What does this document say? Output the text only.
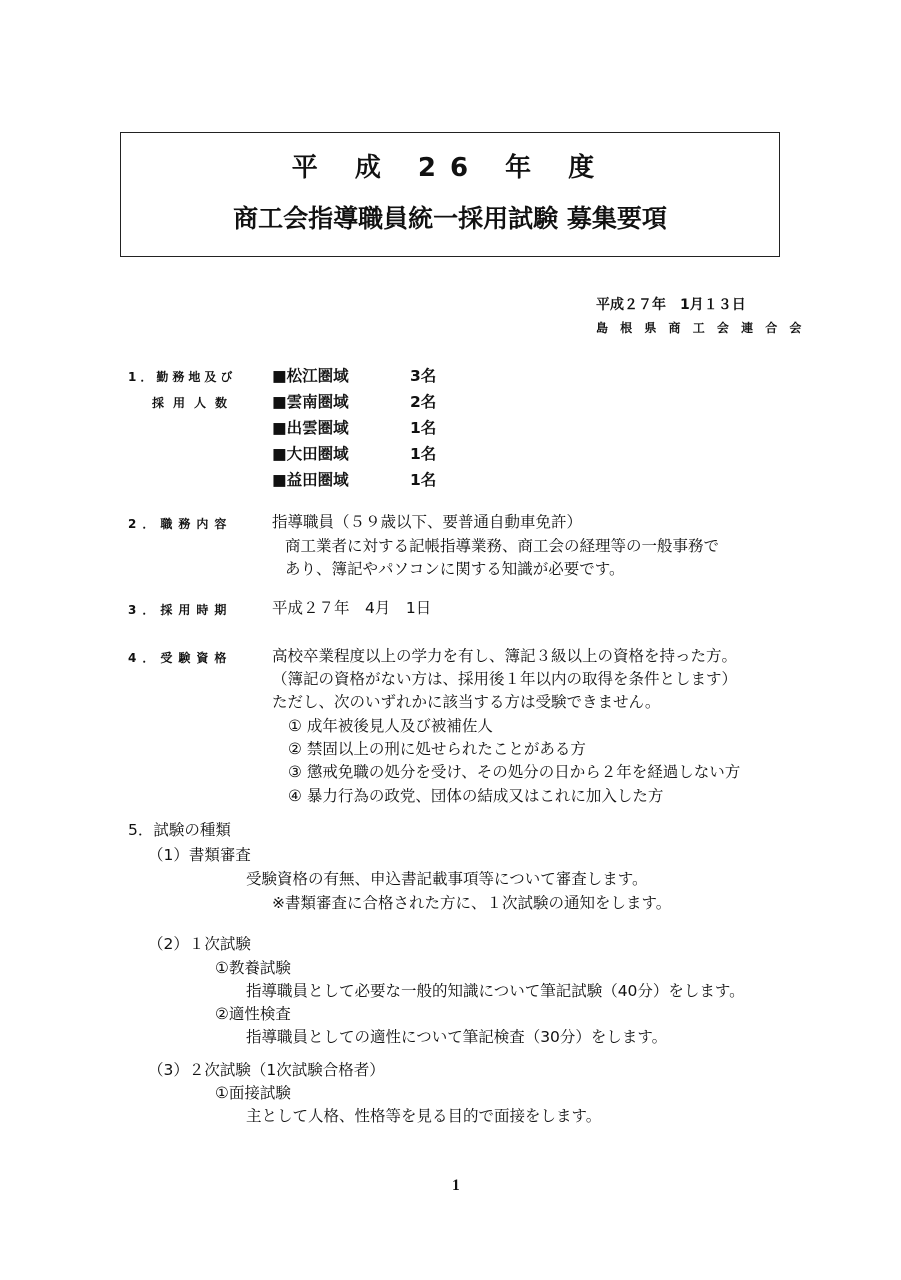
平 成 26 年 度
商工会指導職員統一採用試験 募集要項
平成２７年　1月１３日
島 根 県 商 工 会 連 合 会
1．勤務地及び
採用人数
■松江圏域	3名
■雲南圏域	2名
■出雲圏域	1名
■大田圏域	1名
■益田圏域	1名
2．職務内容	指導職員（５９歳以下、要普通自動車免許）
商工業者に対する記帳指導業務、商工会の経理等の一般事務で
あり、簿記やパソコンに関する知識が必要です。
3．採用時期	平成２７年　4月　1日
4．受験資格	高校卒業程度以上の学力を有し、簿記３級以上の資格を持った方。
（簿記の資格がない方は、採用後１年以内の取得を条件とします）
ただし、次のいずれかに該当する方は受験できません。
① 成年被後見人及び被補佐人
② 禁固以上の刑に処せられたことがある方
③ 懲戒免職の処分を受け、その処分の日から２年を経過しない方
④ 暴力行為の政党、団体の結成又はこれに加入した方
5．試験の種類
（1）書類審査
受験資格の有無、申込書記載事項等について審査します。
※書類審査に合格された方に、１次試験の通知をします。
（2）１次試験
①教養試験
指導職員として必要な一般的知識について筆記試験（40分）をします。
②適性検査
指導職員としての適性について筆記検査（30分）をします。
（3）２次試験（1次試験合格者）
①面接試験
主として人格、性格等を見る目的で面接をします。
1
